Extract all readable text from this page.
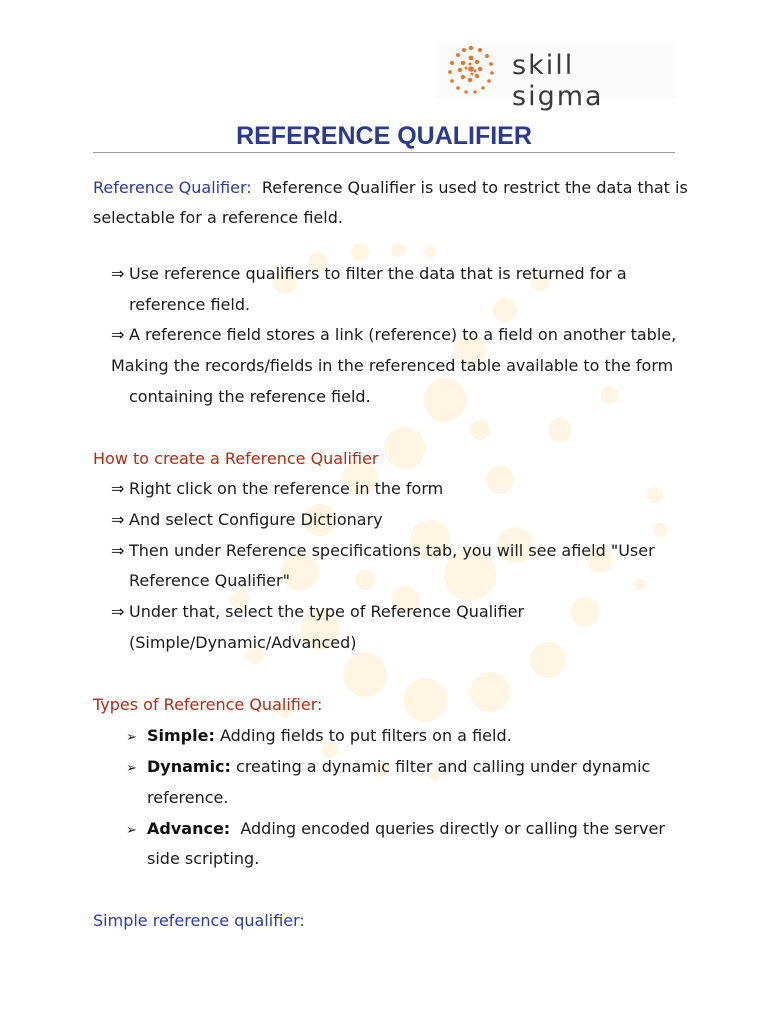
skill sigma
REFERENCE QUALIFIER
Reference Qualifier: Reference Qualifier is used to restrict the data that is
selectable for a reference field.
⇒ Use reference qualifiers to filter the data that is returned for a
reference field.
⇒ A reference field stores a link (reference) to a field on another table,
Making the records/fields in the referenced table available to the form
containing the reference field.
How to create a Reference Qualifier
⇒ Right click on the reference in the form
⇒ And select Configure Dictionary
⇒ Then under Reference specifications tab, you will see afield "User
Reference Qualifier"
⇒ Under that, select the type of Reference Qualifier
(Simple/Dynamic/Advanced)
Types of Reference Qualifier:
➢ Simple: Adding fields to put filters on a field.
➢ Dynamic: creating a dynamic filter and calling under dynamic
reference.
➢ Advance: Adding encoded queries directly or calling the server
side scripting.
Simple reference qualifier:
